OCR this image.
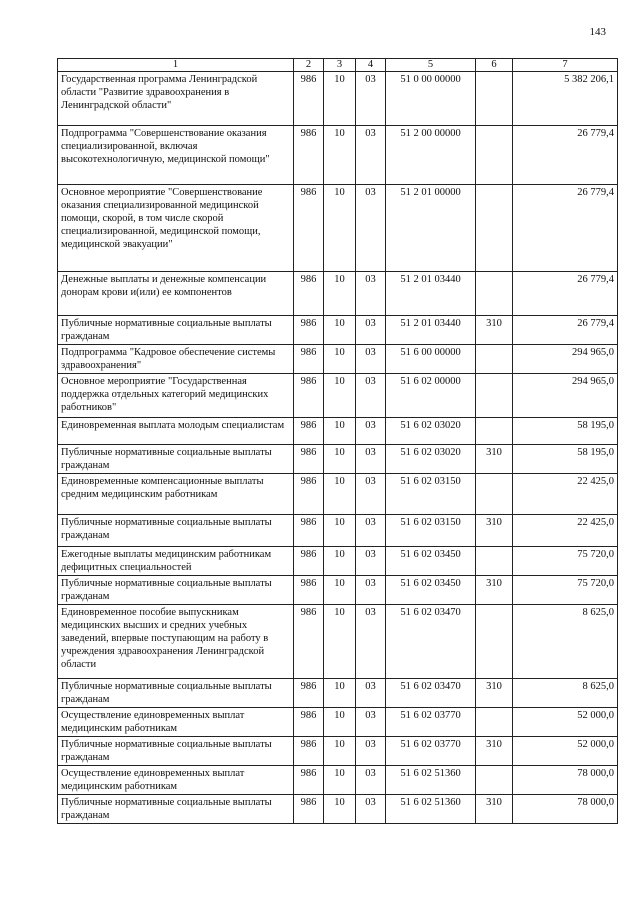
143
1	2	3	4	5	6	7
Государственная программа Ленинградской области "Развитие здравоохранения в Ленинградской области"	986	10	03	51 0 00 00000		5 382 206,1
Подпрограмма "Совершенствование оказания специализированной, включая высокотехнологичную, медицинской помощи"	986	10	03	51 2 00 00000		26 779,4
Основное мероприятие "Совершенствование оказания специализированной медицинской помощи, скорой, в том числе скорой специализированной, медицинской помощи, медицинской эвакуации"	986	10	03	51 2 01 00000		26 779,4
Денежные выплаты и денежные компенсации донорам крови и(или) ее компонентов	986	10	03	51 2 01 03440		26 779,4
Публичные нормативные социальные выплаты гражданам	986	10	03	51 2 01 03440	310	26 779,4
Подпрограмма "Кадровое обеспечение системы здравоохранения"	986	10	03	51 6 00 00000		294 965,0
Основное мероприятие "Государственная поддержка отдельных категорий медицинских работников"	986	10	03	51 6 02 00000		294 965,0
Единовременная выплата молодым специалистам	986	10	03	51 6 02 03020		58 195,0
Публичные нормативные социальные выплаты гражданам	986	10	03	51 6 02 03020	310	58 195,0
Единовременные компенсационные выплаты средним медицинским работникам	986	10	03	51 6 02 03150		22 425,0
Публичные нормативные социальные выплаты гражданам	986	10	03	51 6 02 03150	310	22 425,0
Ежегодные выплаты медицинским работникам дефицитных специальностей	986	10	03	51 6 02 03450		75 720,0
Публичные нормативные социальные выплаты гражданам	986	10	03	51 6 02 03450	310	75 720,0
Единовременное пособие выпускникам медицинских высших и средних учебных заведений, впервые поступающим на работу в учреждения здравоохранения Ленинградской области	986	10	03	51 6 02 03470		8 625,0
Публичные нормативные социальные выплаты гражданам	986	10	03	51 6 02 03470	310	8 625,0
Осуществление единовременных выплат медицинским работникам	986	10	03	51 6 02 03770		52 000,0
Публичные нормативные социальные выплаты гражданам	986	10	03	51 6 02 03770	310	52 000,0
Осуществление единовременных выплат медицинским работникам	986	10	03	51 6 02 51360		78 000,0
Публичные нормативные социальные выплаты гражданам	986	10	03	51 6 02 51360	310	78 000,0
